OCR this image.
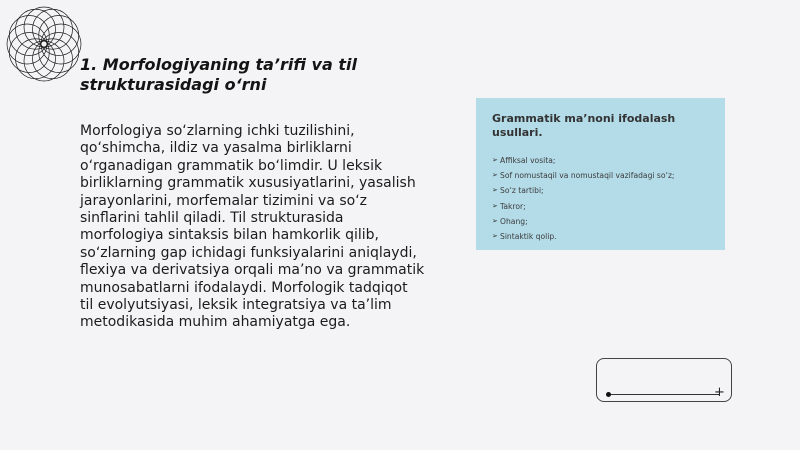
1. Morfologiyaning ta’rifi va til strukturasidagi o‘rni

Morfologiya so‘zlarning ichki tuzilishini, qo‘shimcha, ildiz va yasalma birliklarni o‘rganadigan grammatik bo‘limdir. U leksik birliklarning grammatik xususiyatlarini, yasalish jarayonlarini, morfemalar tizimini va so‘z sinflarini tahlil qiladi. Til strukturasida morfologiya sintaksis bilan hamkorlik qilib, so‘zlarning gap ichidagi funksiyalarini aniqlaydi, flexiya va derivatsiya orqali ma’no va grammatik munosabatlarni ifodalaydi. Morfologik tadqiqot til evolyutsiyasi, leksik integratsiya va ta’lim metodikasida muhim ahamiyatga ega.

Grammatik ma’noni ifodalash usullari.
➢ Affiksal vosita;
➢ Sof nomustaqil va nomustaqil vazifadagi so‘z;
➢ So‘z tartibi;
➢ Takror;
➢ Ohang;
➢ Sintaktik qolip.
+
